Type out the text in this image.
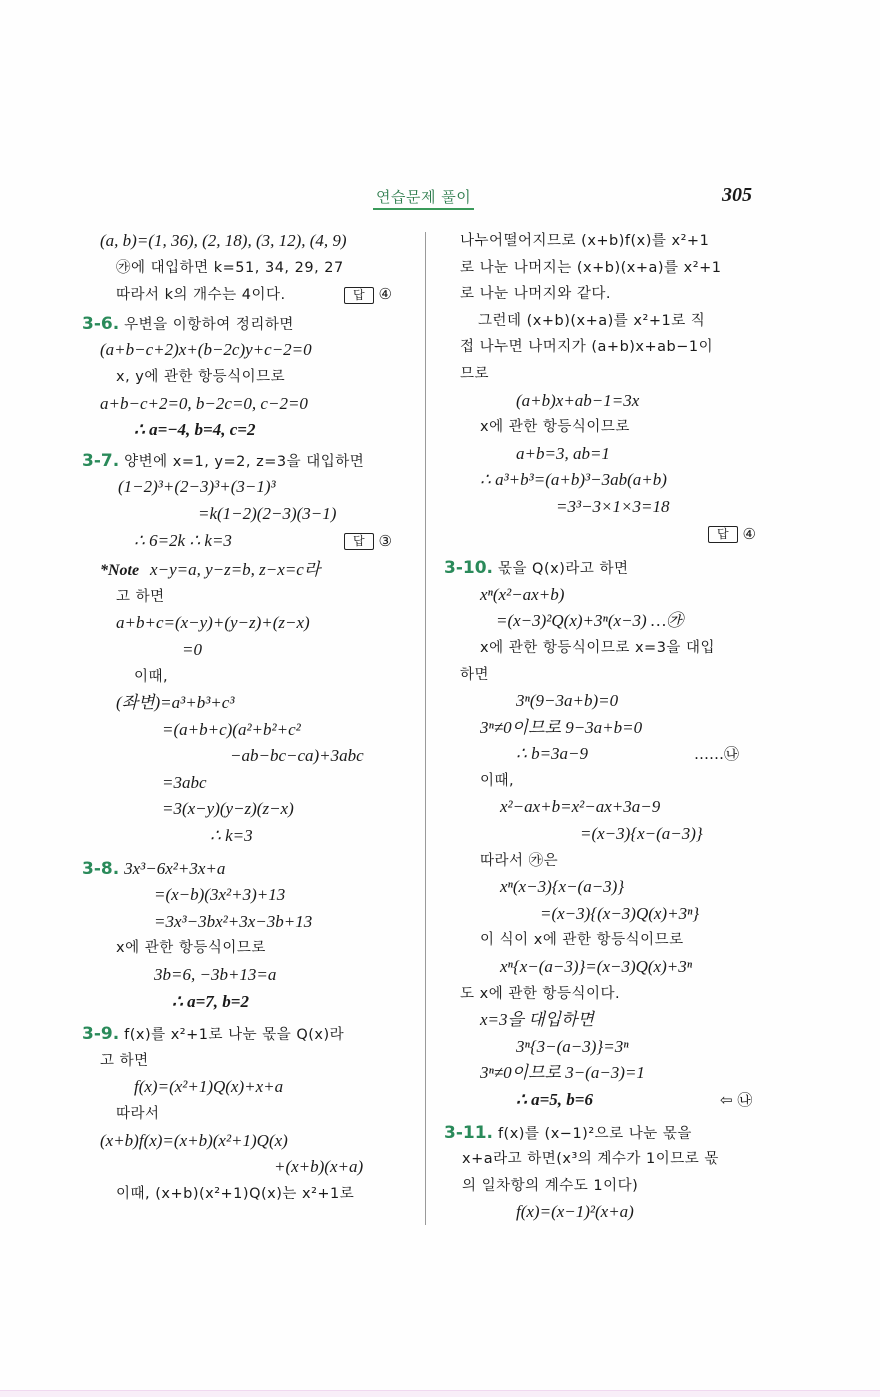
연습문제 풀이	305
(a, b)=(1, 36), (2, 18), (3, 12), (4, 9)
㉮에 대입하면 k=51, 34, 29, 27
따라서 k의 개수는 4이다.	답 ④
3-6. 우변을 이항하여 정리하면
(a+b−c+2)x+(b−2c)y+c−2=0
x, y에 관한 항등식이므로
a+b−c+2=0, b−2c=0, c−2=0
∴ a=−4, b=4, c=2
3-7. 양변에 x=1, y=2, z=3을 대입하면
(1−2)³+(2−3)³+(3−1)³
=k(1−2)(2−3)(3−1)
∴ 6=2k ∴ k=3	답 ③
*Note x−y=a, y−z=b, z−x=c라
고 하면
a+b+c=(x−y)+(y−z)+(z−x)
=0
이때,
(좌변)=a³+b³+c³
=(a+b+c)(a²+b²+c²
−ab−bc−ca)+3abc
=3abc
=3(x−y)(y−z)(z−x)
∴ k=3
3-8. 3x³−6x²+3x+a
=(x−b)(3x²+3)+13
=3x³−3bx²+3x−3b+13
x에 관한 항등식이므로
3b=6, −3b+13=a
∴ a=7, b=2
3-9. f(x)를 x²+1로 나눈 몫을 Q(x)라
고 하면
f(x)=(x²+1)Q(x)+x+a
따라서
(x+b)f(x)=(x+b)(x²+1)Q(x)
+(x+b)(x+a)
이때, (x+b)(x²+1)Q(x)는 x²+1로
나누어떨어지므로 (x+b)f(x)를 x²+1
로 나눈 나머지는 (x+b)(x+a)를 x²+1
로 나눈 나머지와 같다.
그런데 (x+b)(x+a)를 x²+1로 직
접 나누면 나머지가 (a+b)x+ab−1이
므로
(a+b)x+ab−1=3x
x에 관한 항등식이므로
a+b=3, ab=1
∴ a³+b³=(a+b)³−3ab(a+b)
=3³−3×1×3=18
답 ④
3-10. 몫을 Q(x)라고 하면
xⁿ(x²−ax+b)
=(x−3)²Q(x)+3ⁿ(x−3) …㉮
x에 관한 항등식이므로 x=3을 대입
하면
3ⁿ(9−3a+b)=0
3ⁿ≠0이므로 9−3a+b=0
∴ b=3a−9	……㉯
이때,
x²−ax+b=x²−ax+3a−9
=(x−3){x−(a−3)}
따라서 ㉮은
xⁿ(x−3){x−(a−3)}
=(x−3){(x−3)Q(x)+3ⁿ}
이 식이 x에 관한 항등식이므로
xⁿ{x−(a−3)}=(x−3)Q(x)+3ⁿ
도 x에 관한 항등식이다.
x=3을 대입하면
3ⁿ{3−(a−3)}=3ⁿ
3ⁿ≠0이므로 3−(a−3)=1
∴ a=5, b=6	⇦ ㉯
3-11. f(x)를 (x−1)²으로 나눈 몫을
x+a라고 하면(x³의 계수가 1이므로 몫
의 일차항의 계수도 1이다)
f(x)=(x−1)²(x+a)
